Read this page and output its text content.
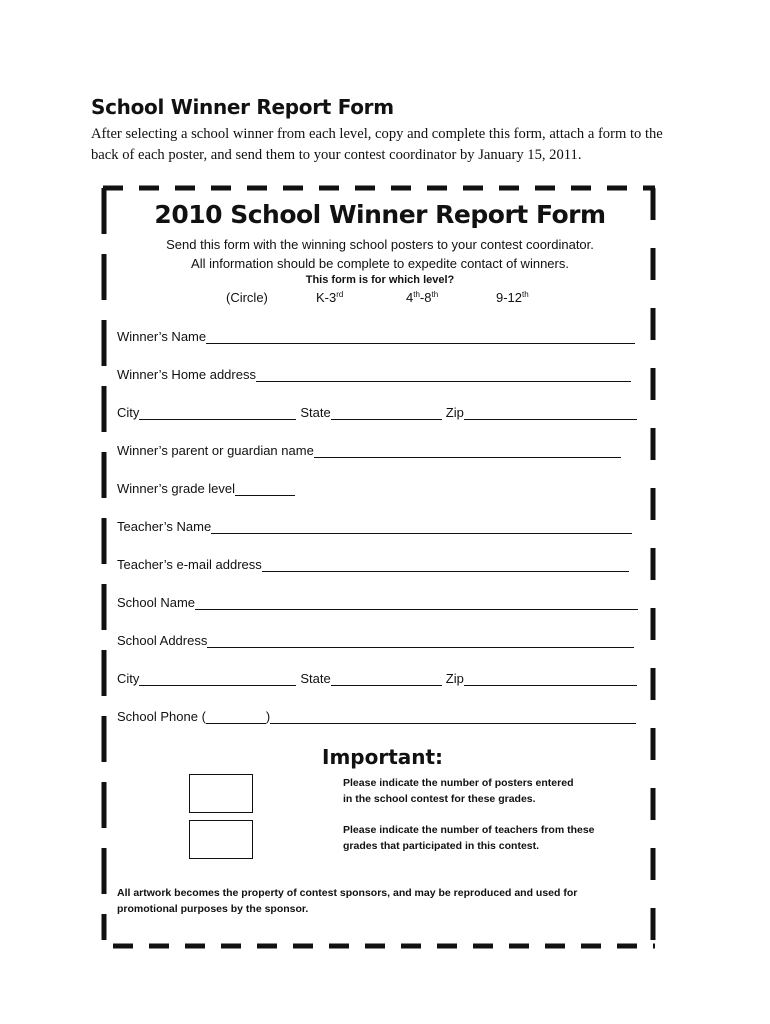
School Winner Report Form
After selecting a school winner from each level, copy and complete this form, attach a form to the back of each poster, and send them to your contest coordinator by January 15, 2011.
2010 School Winner Report Form
Send this form with the winning school posters to your contest coordinator.
All information should be complete to expedite contact of winners.
This form is for which level?
(Circle)	K-3rd	4th-8th	9-12th
Winner’s Name
Winner’s Home address
City	State	Zip
Winner’s parent or guardian name
Winner’s grade level
Teacher’s Name
Teacher’s e-mail address
School Name
School Address
City	State	Zip
School Phone (	)
Important:
Please indicate the number of posters entered
in the school contest for these grades.
Please indicate the number of teachers from these
grades that participated in this contest.
All artwork becomes the property of contest sponsors, and may be reproduced and used for
promotional purposes by the sponsor.
